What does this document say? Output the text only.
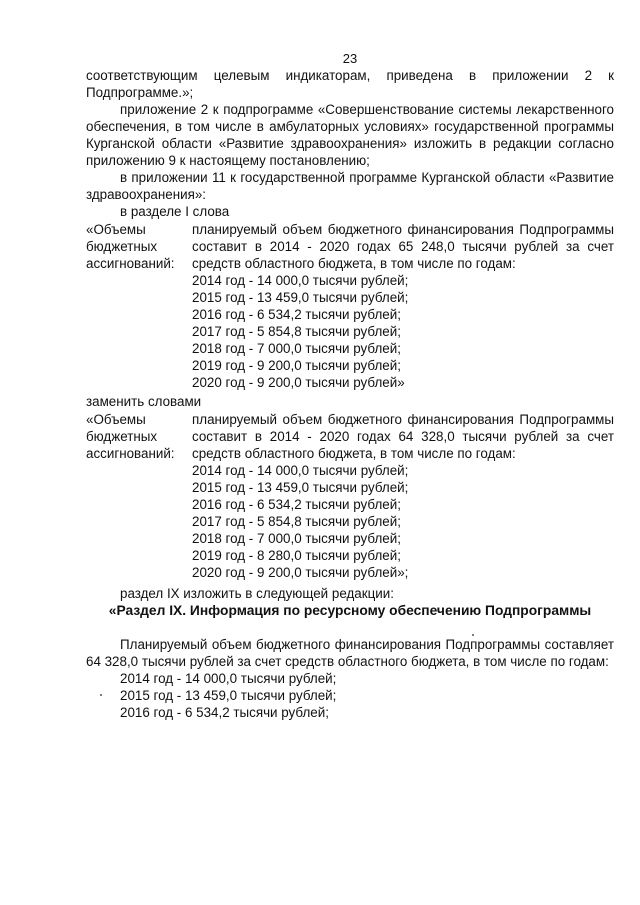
23

соответствующим целевым индикаторам, приведена в приложении 2 к Подпрограмме.»;

приложение 2 к подпрограмме «Совершенствование системы лекарственного обеспечения, в том числе в амбулаторных условиях» государственной программы Курганской области «Развитие здравоохранения» изложить в редакции согласно приложению 9 к настоящему постановлению;

в приложении 11 к государственной программе Курганской области «Развитие здравоохранения»:

в разделе I слова

«Объемы бюджетных ассигнований:

планируемый объем бюджетного финансирования Подпрограммы составит в 2014 - 2020 годах 65 248,0 тысячи рублей за счет средств областного бюджета, в том числе по годам:

2014 год - 14 000,0 тысячи рублей;

2015 год - 13 459,0 тысячи рублей;

2016 год - 6 534,2 тысячи рублей;

2017 год - 5 854,8 тысячи рублей;

2018 год - 7 000,0 тысячи рублей;

2019 год - 9 200,0 тысячи рублей;

2020 год - 9 200,0 тысячи рублей»

заменить словами

«Объемы бюджетных ассигнований:

планируемый объем бюджетного финансирования Подпрограммы составит в 2014 - 2020 годах 64 328,0 тысячи рублей за счет средств областного бюджета, в том числе по годам:

2014 год - 14 000,0 тысячи рублей;

2015 год - 13 459,0 тысячи рублей;

2016 год - 6 534,2 тысячи рублей;

2017 год - 5 854,8 тысячи рублей;

2018 год - 7 000,0 тысячи рублей;

2019 год - 8 280,0 тысячи рублей;

2020 год - 9 200,0 тысячи рублей»;

раздел IX изложить в следующей редакции:

«Раздел IX. Информация по ресурсному обеспечению Подпрограммы

Планируемый объем бюджетного финансирования Подпрограммы составляет 64 328,0 тысячи рублей за счет средств областного бюджета, в том числе по годам:

2014 год - 14 000,0 тысячи рублей;

2015 год - 13 459,0 тысячи рублей;

2016 год - 6 534,2 тысячи рублей;
